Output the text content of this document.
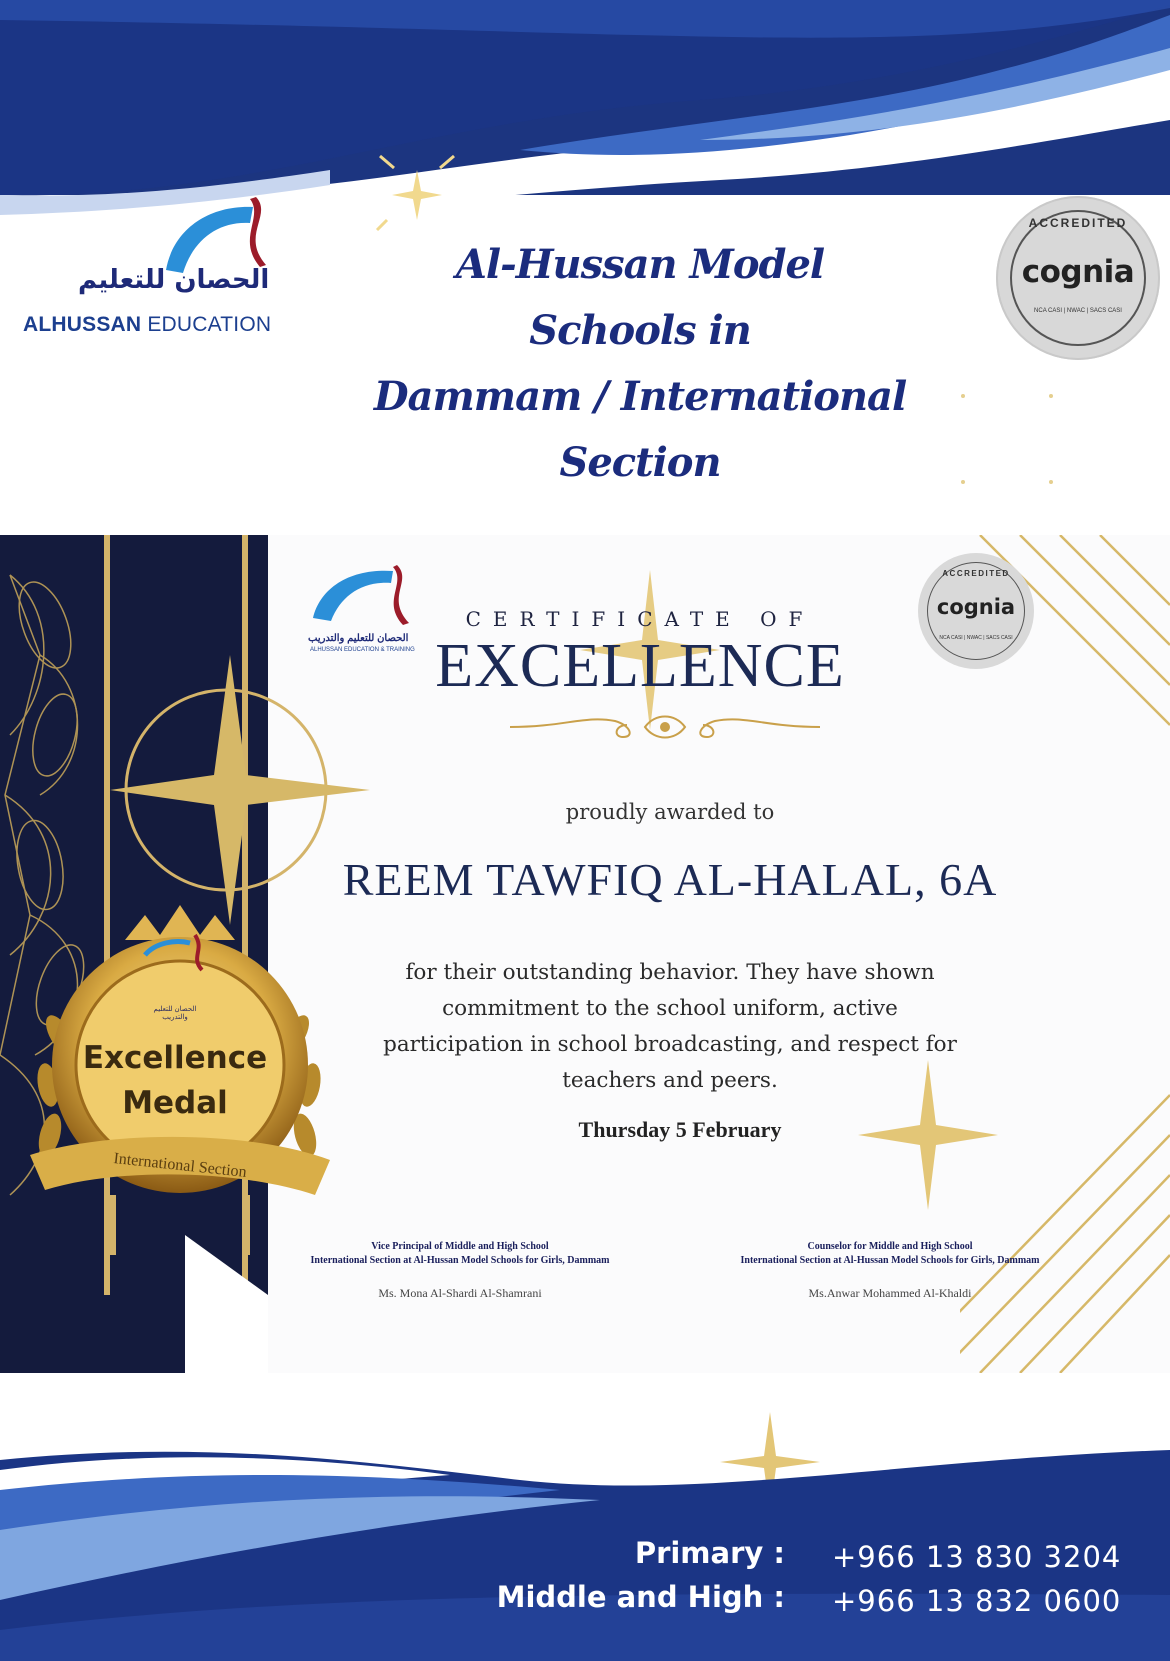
الحصان للتعليم
ALHUSSAN EDUCATION
Al-Hussan Model Schools in
Dammam / International Section
ACCREDITED
cognia
NCA CASI | NWAC | SACS CASI
الحصان للتعليم والتدريب
Excellence
Medal
International Section
الحصان للتعليم والتدريب
ALHUSSAN EDUCATION & TRAINING
CERTIFICATE OF
EXCELLENCE
ACCREDITED
cognia
NCA CASI | NWAC | SACS CASI
proudly awarded to
REEM TAWFIQ AL-HALAL, 6A
for their outstanding behavior. They have shown
commitment to the school uniform, active
participation in school broadcasting, and respect for
teachers and peers.
Thursday 5 February
Vice Principal of Middle and High School
International Section at Al-Hussan Model Schools for Girls, Dammam
Ms. Mona Al-Shardi Al-Shamrani
Counselor for Middle and High School
International Section at Al-Hussan Model Schools for Girls, Dammam
Ms.Anwar Mohammed Al-Khaldi
Primary : +966 13 830 3204
Middle and High : +966 13 832 0600
